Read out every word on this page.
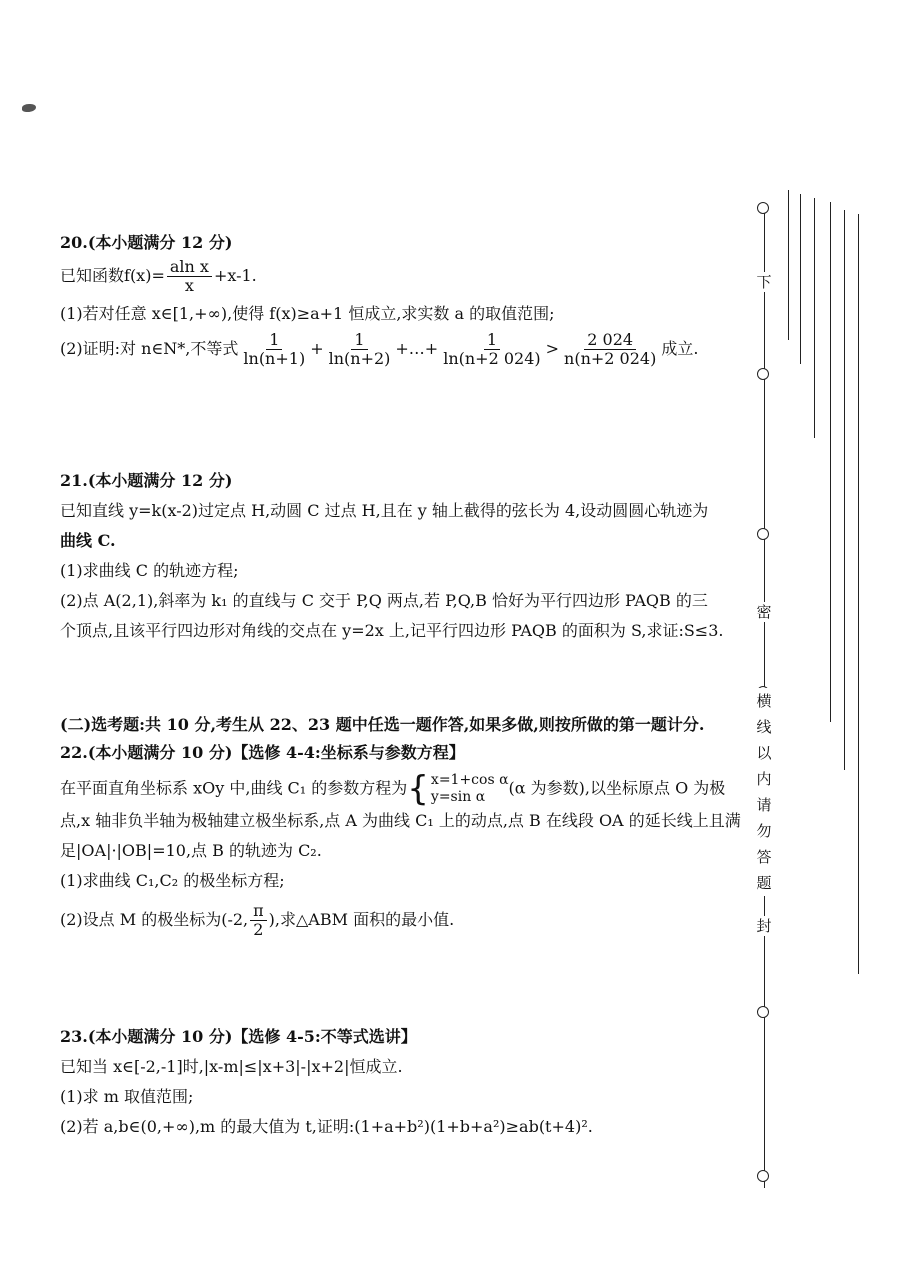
20.(本小题满分 12 分)

已知函数$f(x)= \frac{\text{aln x}}{x} +x-1$.

(1)若对任意 x∈[1,+∞),使得 f(x)≥a+1 恒成立,求实数 a 的取值范围;

(2)证明:对 n∈N*,不等式 $\frac{1}{\ln(n+1)} + \frac{1}{\ln(n+2)}$ +…+ $\frac{1}{\ln(n+2 024)} > \frac{2 024}{n(n+2 024)}$ 成立.

21.(本小题满分 12 分)

已知直线 y=k(x-2)过定点 H,动圆 C 过点 H,且在 y 轴上截得的弦长为 4,设动圆圆心轨迹为

曲线 C.

(1)求曲线 C 的轨迹方程;

(2)点 A(2,1),斜率为 k₁ 的直线与 C 交于 P,Q 两点,若 P,Q,B 恰好为平行四边形 PAQB 的三

个顶点,且该平行四边形对角线的交点在 y=2x 上,记平行四边形 PAQB 的面积为 S,求证:S≤3.

(二)选考题:共 10 分,考生从 22、23 题中任选一题作答,如果多做,则按所做的第一题计分.

22.(本小题满分 10 分)【选修 4-4:坐标系与参数方程】

在平面直角坐标系 xOy 中,曲线 C₁ 的参数方程为 { x=1+cos α
y=sin α	(α 为参数),以坐标原点 O 为极

点,x 轴非负半轴为极轴建立极坐标系,点 A 为曲线 C₁ 上的动点,点 B 在线段 OA 的延长线上且满

足|OA|·|OB|=10,点 B 的轨迹为 C₂.

(1)求曲线 C₁,C₂ 的极坐标方程;

(2)设点 M 的极坐标为(-2, $\frac{\pi}{2}$ ),求△ABM 面积的最小值.

23.(本小题满分 10 分)【选修 4-5:不等式选讲】

已知当 x∈[-2,-1]时,|x-m|≤|x+3|-|x+2|恒成立.

(1)求 m 取值范围;

(2)若 a,b∈(0,+∞),m 的最大值为 t,证明:(1+a+b²)(1+b+a²)≥ab(t+4)².

下
密
横
线
以
内
请
勿
答
题
封
